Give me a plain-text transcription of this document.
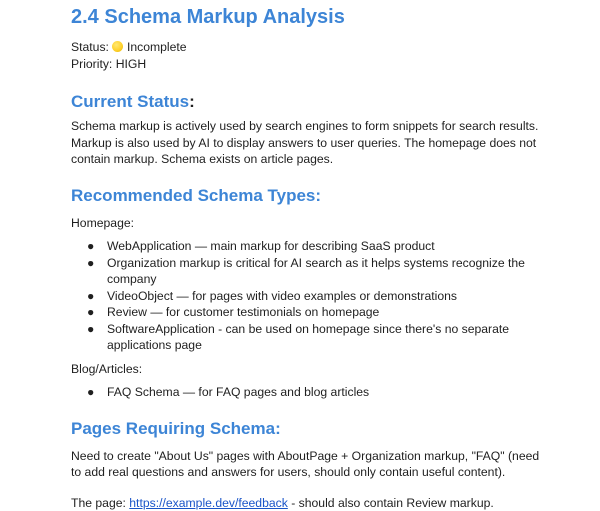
2.4 Schema Markup Analysis
Status: Incomplete
Priority: HIGH
Current Status:

Schema markup is actively used by search engines to form snippets for search results. Markup is also used by AI to display answers to user queries. The homepage does not contain markup. Schema exists on article pages.

Recommended Schema Types:
Homepage:
● WebApplication — main markup for describing SaaS product
● Organization markup is critical for AI search as it helps systems recognize the company
● VideoObject — for pages with video examples or demonstrations
● Review — for customer testimonials on homepage
● SoftwareApplication - can be used on homepage since there's no separate applications page
Blog/Articles:
● FAQ Schema — for FAQ pages and blog articles
Pages Requiring Schema:

Need to create "About Us" pages with AboutPage + Organization markup, "FAQ" (need to add real questions and answers for users, should only contain useful content).

The page: https://example.dev/feedback - should also contain Review markup.
